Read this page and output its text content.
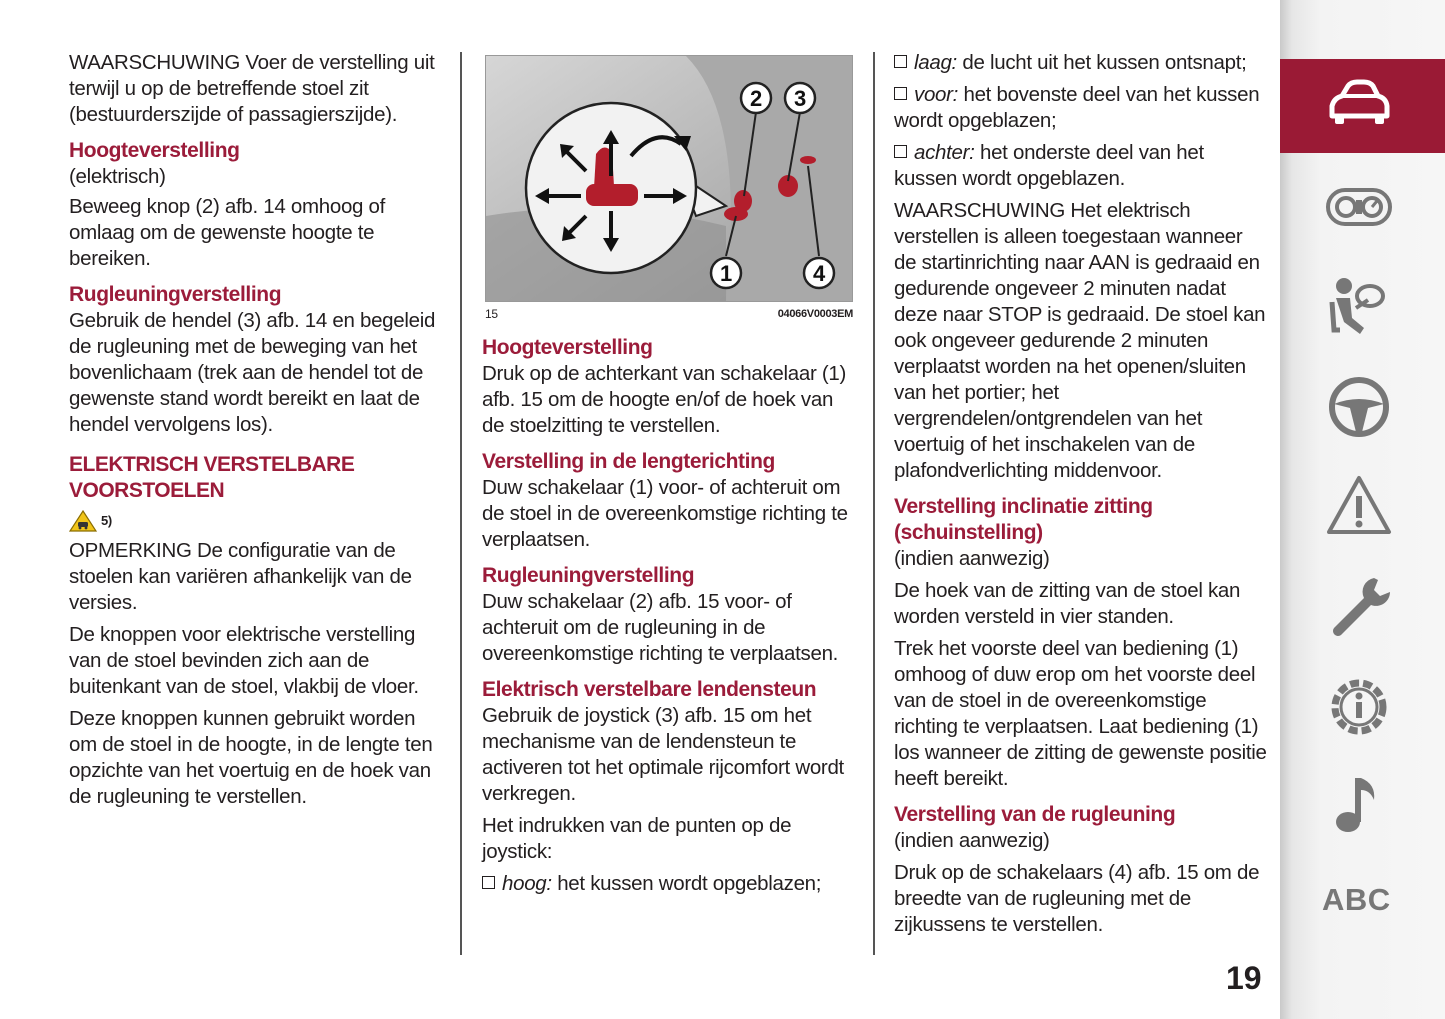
WAARSCHUWING Voer de verstelling uit terwijl u op de betreffende stoel zit (bestuurderszijde of passagierszijde).

Hoogteverstelling

(elektrisch)

Beweeg knop (2) afb. 14 omhoog of omlaag om de gewenste hoogte te bereiken.

Rugleuningverstelling

Gebruik de hendel (3) afb. 14 en begeleid de rugleuning met de beweging van het bovenlichaam (trek aan de hendel tot de gewenste stand wordt bereikt en laat de hendel vervolgens los).

ELEKTRISCH VERSTELBARE VOORSTOELEN
5)

OPMERKING De configuratie van de stoelen kan variëren afhankelijk van de versies.

De knoppen voor elektrische verstelling van de stoel bevinden zich aan de buitenkant van de stoel, vlakbij de vloer.

Deze knoppen kunnen gebruikt worden om de stoel in de hoogte, in de lengte ten opzichte van het voertuig en de hoek van de rugleuning te verstellen.

2 3
1	4
15	04066V0003EM
Hoogteverstelling

Druk op de achterkant van schakelaar (1) afb. 15 om de hoogte en/of de hoek van de stoelzitting te verstellen.

Verstelling in de lengterichting

Duw schakelaar (1) voor- of achteruit om de stoel in de overeenkomstige richting te verplaatsen.

Rugleuningverstelling

Duw schakelaar (2) afb. 15 voor- of achteruit om de rugleuning in de overeenkomstige richting te verplaatsen.

Elektrisch verstelbare lendensteun

Gebruik de joystick (3) afb. 15 om het mechanisme van de lendensteun te activeren tot het optimale rijcomfort wordt verkregen.

Het indrukken van de punten op de joystick:

hoog: het kussen wordt opgeblazen;

laag: de lucht uit het kussen ontsnapt;

voor: het bovenste deel van het kussen wordt opgeblazen;

achter: het onderste deel van het kussen wordt opgeblazen.

WAARSCHUWING Het elektrisch verstellen is alleen toegestaan wanneer de startinrichting naar AAN is gedraaid en gedurende ongeveer 2 minuten nadat deze naar STOP is gedraaid. De stoel kan ook ongeveer gedurende 2 minuten verplaatst worden na het openen/sluiten van het portier; het vergrendelen/ontgrendelen van het voertuig of het inschakelen van de plafondverlichting middenvoor.

Verstelling inclinatie zitting (schuinstelling)

(indien aanwezig)

De hoek van de zitting van de stoel kan worden versteld in vier standen.

Trek het voorste deel van bediening (1) omhoog of duw erop om het voorste deel van de stoel in de overeenkomstige richting te verplaatsen. Laat bediening (1) los wanneer de zitting de gewenste positie heeft bereikt.

Verstelling van de rugleuning

(indien aanwezig)

Druk op de schakelaars (4) afb. 15 om de breedte van de rugleuning met de zijkussens te verstellen.

19
ABC
